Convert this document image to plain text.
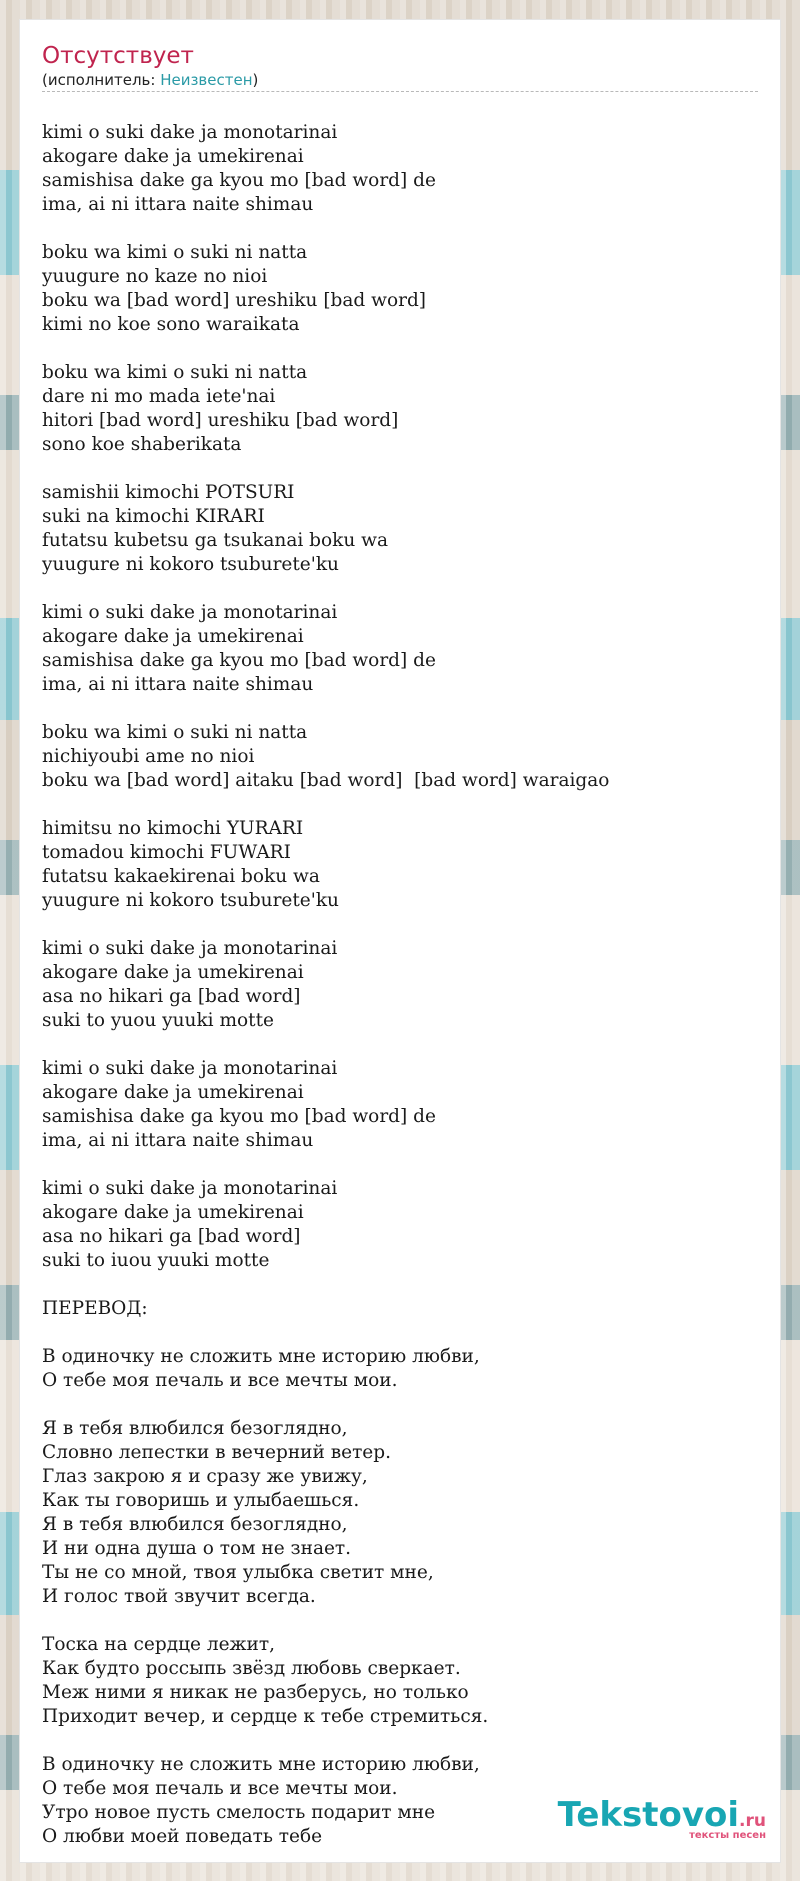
Отсутствует
(исполнитель: Неизвестен)
kimi o suki dake ja monotarinai
akogare dake ja umekirenai
samishisa dake ga kyou mo [bad word] de
ima, ai ni ittara naite shimau
boku wa kimi o suki ni natta
yuugure no kaze no nioi
boku wa [bad word] ureshiku [bad word]
kimi no koe sono waraikata
boku wa kimi o suki ni natta
dare ni mo mada iete'nai
hitori [bad word] ureshiku [bad word]
sono koe shaberikata
samishii kimochi POTSURI
suki na kimochi KIRARI
futatsu kubetsu ga tsukanai boku wa
yuugure ni kokoro tsuburete'ku
kimi o suki dake ja monotarinai
akogare dake ja umekirenai
samishisa dake ga kyou mo [bad word] de
ima, ai ni ittara naite shimau
boku wa kimi o suki ni natta
nichiyoubi ame no nioi
boku wa [bad word] aitaku [bad word]  [bad word] waraigao
himitsu no kimochi YURARI
tomadou kimochi FUWARI
futatsu kakaekirenai boku wa
yuugure ni kokoro tsuburete'ku
kimi o suki dake ja monotarinai
akogare dake ja umekirenai
asa no hikari ga [bad word]
suki to yuou yuuki motte
kimi o suki dake ja monotarinai
akogare dake ja umekirenai
samishisa dake ga kyou mo [bad word] de
ima, ai ni ittara naite shimau
kimi o suki dake ja monotarinai
akogare dake ja umekirenai
asa no hikari ga [bad word]
suki to iuou yuuki motte
ПЕРЕВОД:
В одиночку не сложить мне историю любви,
О тебе моя печаль и все мечты мои.
Я в тебя влюбился безоглядно,
Словно лепестки в вечерний ветер.
Глаз закрою я и сразу же увижу,
Как ты говоришь и улыбаешься.
Я в тебя влюбился безоглядно,
И ни одна душа о том не знает.
Ты не со мной, твоя улыбка светит мне,
И голос твой звучит всегда.
Тоска на сердце лежит,
Как будто россыпь звёзд любовь сверкает.
Меж ними я никак не разберусь, но только
Приходит вечер, и сердце к тебе стремиться.
В одиночку не сложить мне историю любви,
О тебе моя печаль и все мечты мои.
Утро новое пусть смелость подарит мне
О любви моей поведать тебе
Tekstovoi.ru
тексты песен
